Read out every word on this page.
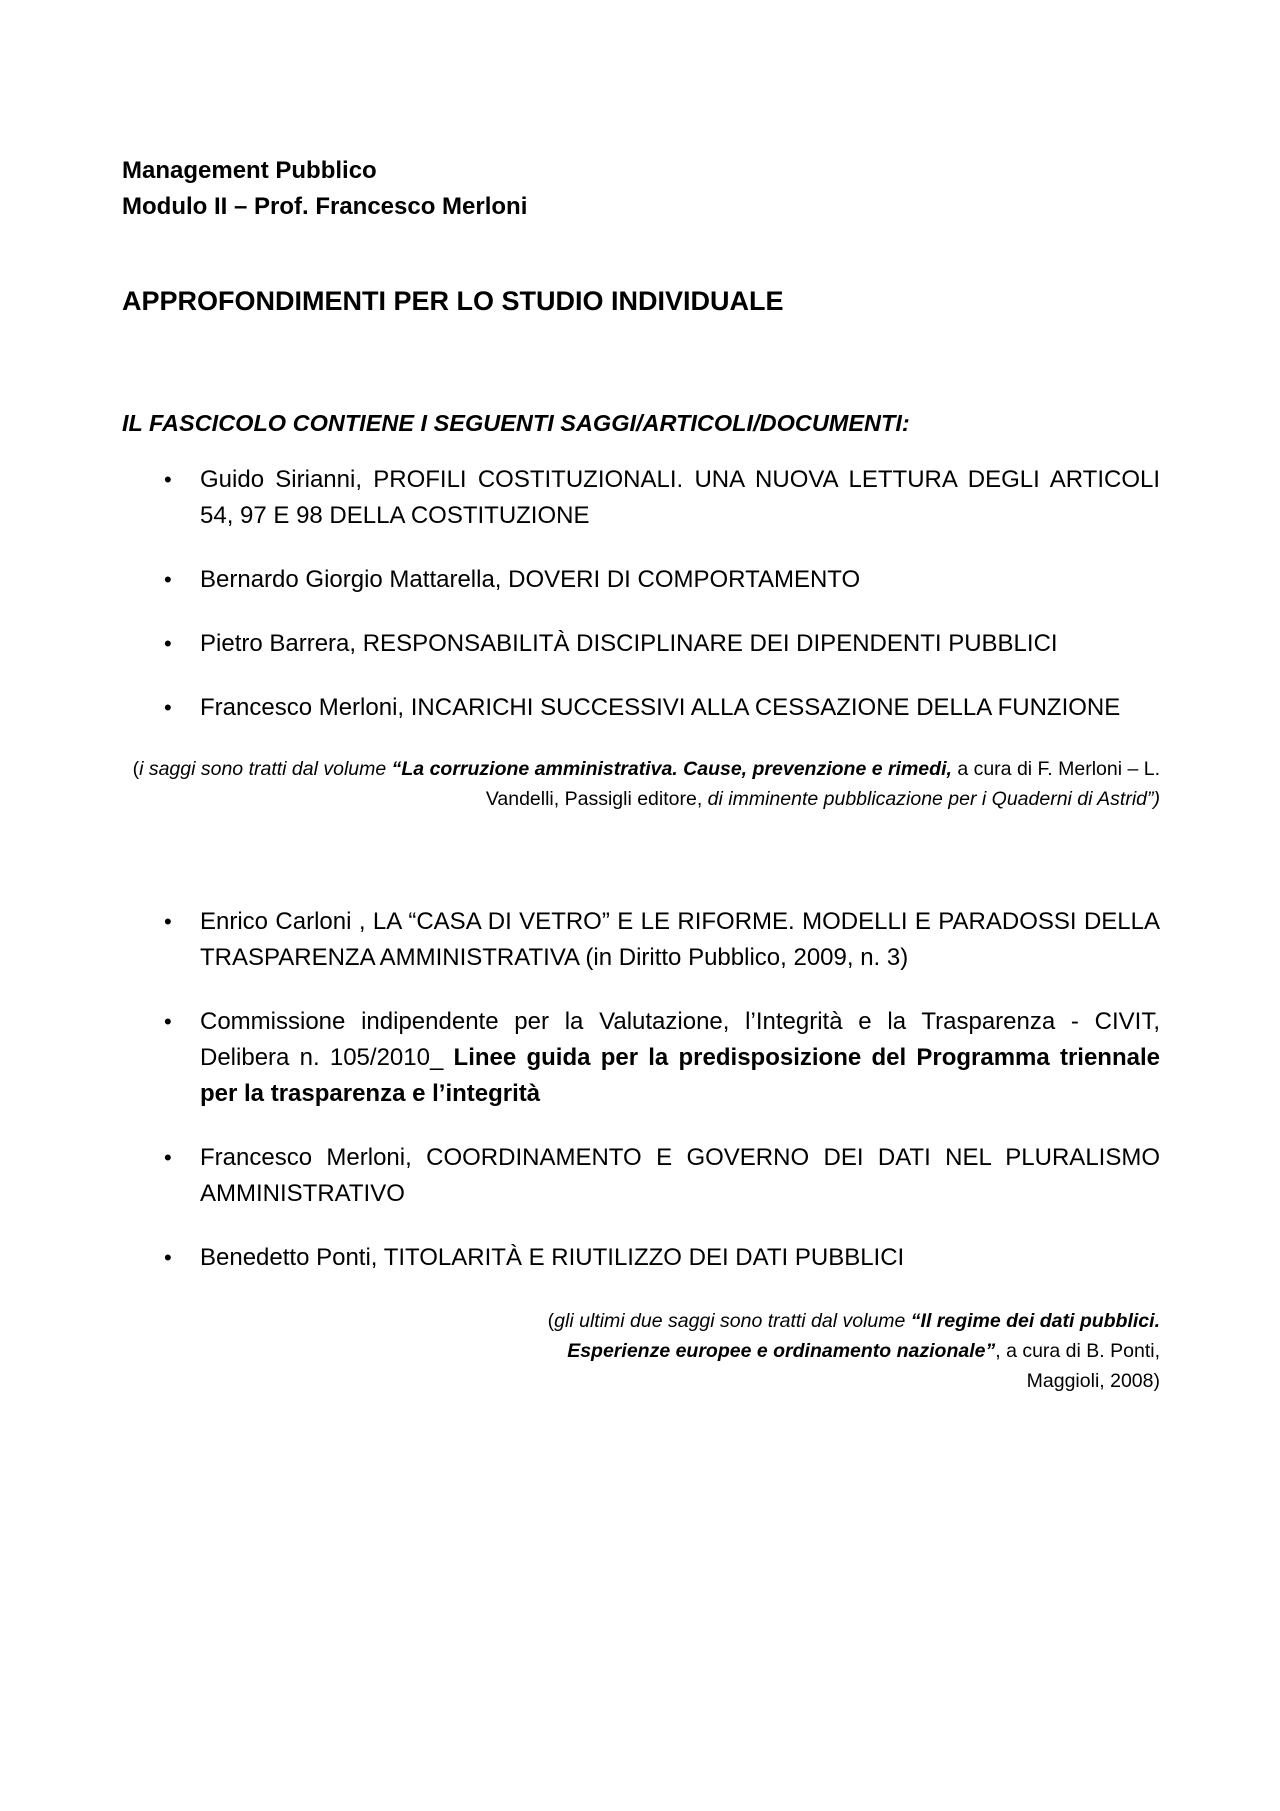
Management Pubblico
Modulo II – Prof. Francesco Merloni
APPROFONDIMENTI PER LO STUDIO INDIVIDUALE
IL FASCICOLO CONTIENE I SEGUENTI SAGGI/ARTICOLI/DOCUMENTI:
•	Guido Sirianni, PROFILI COSTITUZIONALI. UNA NUOVA LETTURA DEGLI ARTICOLI 54, 97 E 98 DELLA COSTITUZIONE
•	Bernardo Giorgio Mattarella, DOVERI DI COMPORTAMENTO
•	Pietro Barrera, RESPONSABILITÀ DISCIPLINARE DEI DIPENDENTI PUBBLICI
•	Francesco Merloni, INCARICHI SUCCESSIVI ALLA CESSAZIONE DELLA FUNZIONE
(i saggi sono tratti dal volume “La corruzione amministrativa. Cause, prevenzione e rimedi, a cura di F. Merloni – L. Vandelli, Passigli editore, di imminente pubblicazione per i Quaderni di Astrid”)
•	Enrico Carloni , LA “CASA DI VETRO” E LE RIFORME. MODELLI E PARADOSSI DELLA TRASPARENZA AMMINISTRATIVA (in Diritto Pubblico, 2009, n. 3)
•	Commissione indipendente per la Valutazione, l’Integrità e la Trasparenza - CIVIT, Delibera n. 105/2010_ Linee guida per la predisposizione del Programma triennale per la trasparenza e l’integrità
•	Francesco Merloni, COORDINAMENTO E GOVERNO DEI DATI NEL PLURALISMO AMMINISTRATIVO
•	Benedetto Ponti, TITOLARITÀ E RIUTILIZZO DEI DATI PUBBLICI
(gli ultimi due saggi sono tratti dal volume “Il regime dei dati pubblici. Esperienze europee e ordinamento nazionale”, a cura di B. Ponti, Maggioli, 2008)
